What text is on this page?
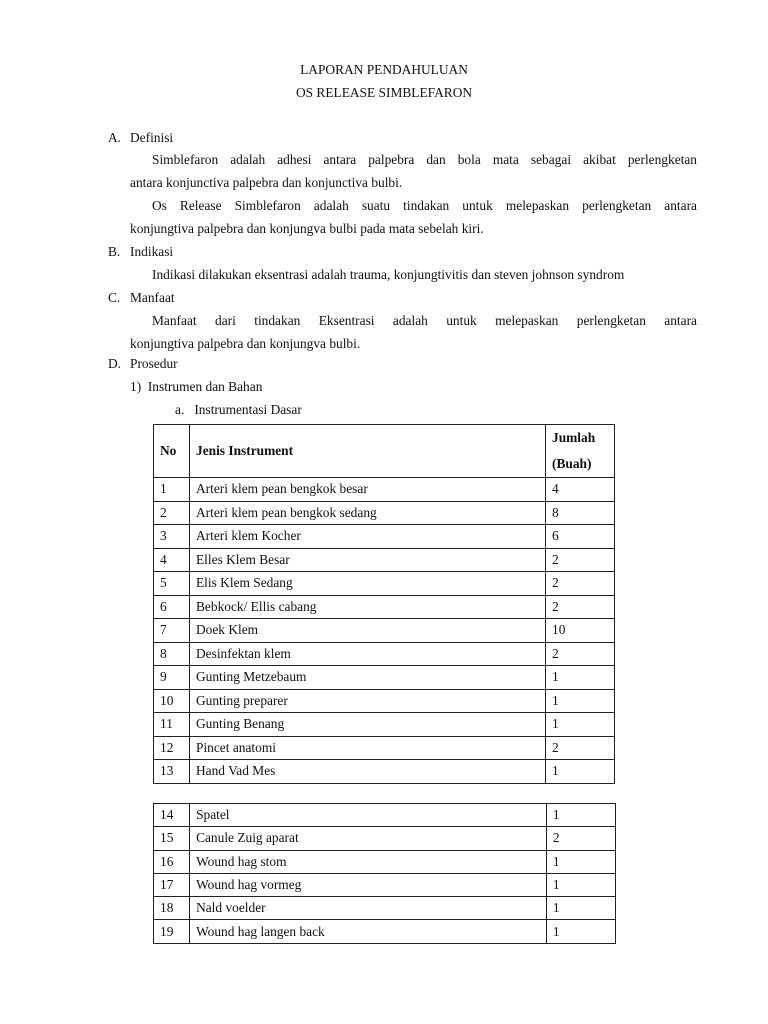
LAPORAN PENDAHULUAN
OS RELEASE SIMBLEFARON
A. Definisi
Simblefaron adalah adhesi antara palpebra dan bola mata sebagai akibat perlengketan
antara konjunctiva palpebra dan konjunctiva bulbi.
Os Release Simblefaron adalah suatu tindakan untuk melepaskan perlengketan antara
konjungtiva palpebra dan konjungva bulbi pada mata sebelah kiri.
B. Indikasi
Indikasi dilakukan eksentrasi adalah trauma, konjungtivitis dan steven johnson syndrom
C. Manfaat
Manfaat dari tindakan Eksentrasi adalah untuk melepaskan perlengketan antara
konjungtiva palpebra dan konjungva bulbi.
D. Prosedur
1)  Instrumen dan Bahan
a.   Instrumentasi Dasar
No	Jenis Instrument	Jumlah
(Buah)

1	Arteri klem pean bengkok besar	4
2	Arteri klem pean bengkok sedang	8
3	Arteri klem Kocher	6
4	Elles Klem Besar	2
5	Elis Klem Sedang	2
6	Bebkock/ Ellis cabang	2
7	Doek Klem	10
8	Desinfektan klem	2
9	Gunting Metzebaum	1
10	Gunting preparer	1
11	Gunting Benang	1
12	Pincet anatomi	2
13	Hand Vad Mes	1
14	Spatel	1
15	Canule Zuig aparat	2
16	Wound hag stom	1
17	Wound hag vormeg	1
18	Nald voelder	1
19	Wound hag langen back	1
